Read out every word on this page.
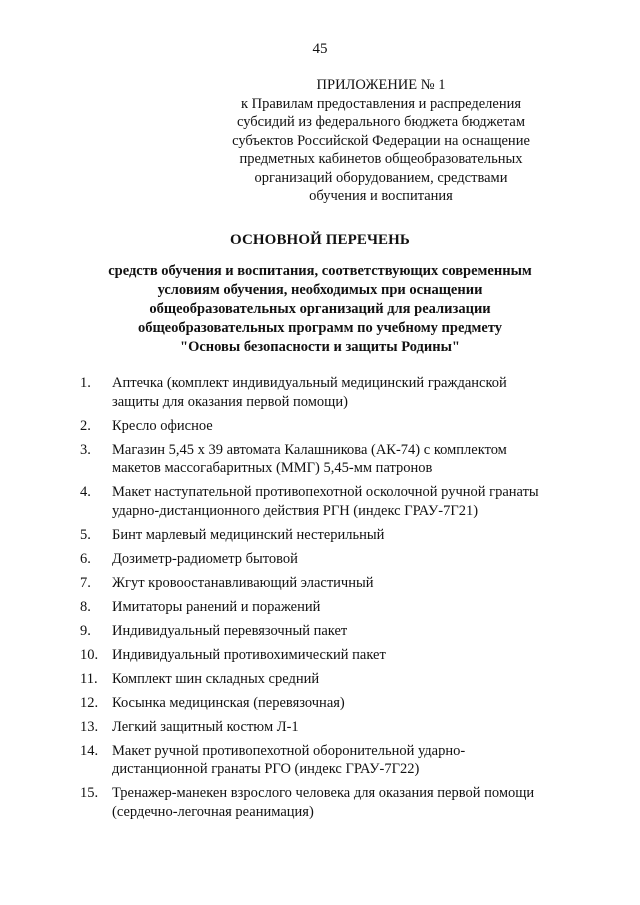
45
ПРИЛОЖЕНИЕ № 1
к Правилам предоставления и распределения
субсидий из федерального бюджета бюджетам
субъектов Российской Федерации на оснащение
предметных кабинетов общеобразовательных
организаций оборудованием, средствами
обучения и воспитания
ОСНОВНОЙ ПЕРЕЧЕНЬ
средств обучения и воспитания, соответствующих современным
условиям обучения, необходимых при оснащении
общеобразовательных организаций для реализации
общеобразовательных программ по учебному предмету
"Основы безопасности и защиты Родины"
1.	Аптечка (комплект индивидуальный медицинский гражданской
защиты для оказания первой помощи)
2.	Кресло офисное
3.	Магазин 5,45 х 39 автомата Калашникова (АК-74) с комплектом
макетов массогабаритных (ММГ) 5,45-мм патронов
4.	Макет наступательной противопехотной осколочной ручной гранаты
ударно-дистанционного действия РГН (индекс ГРАУ-7Г21)
5.	Бинт марлевый медицинский нестерильный
6.	Дозиметр-радиометр бытовой
7.	Жгут кровоостанавливающий эластичный
8.	Имитаторы ранений и поражений
9.	Индивидуальный перевязочный пакет
10. Индивидуальный противохимический пакет
11. Комплект шин складных средний
12. Косынка медицинская (перевязочная)
13. Легкий защитный костюм Л-1
14. Макет ручной противопехотной оборонительной ударно-
дистанционной гранаты РГО (индекс ГРАУ-7Г22)
15. Тренажер-манекен взрослого человека для оказания первой помощи
(сердечно-легочная реанимация)
